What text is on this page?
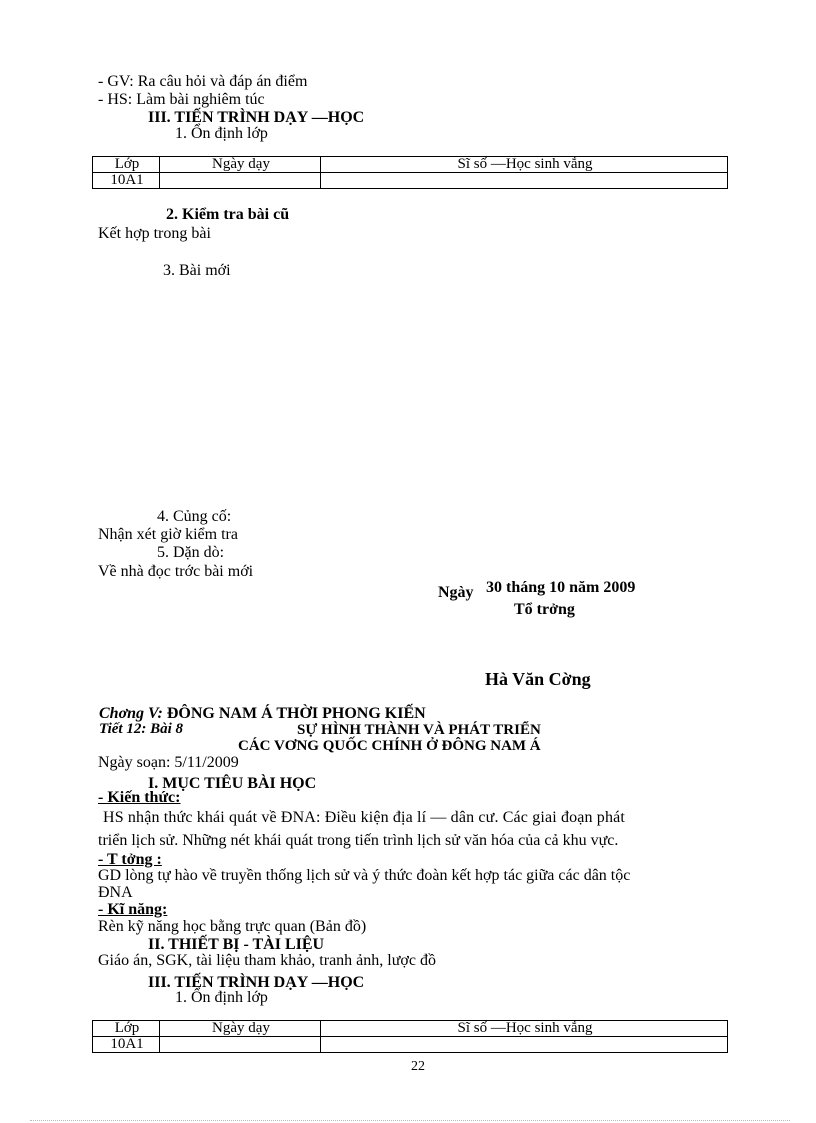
- GV: Ra câu hỏi và đáp án điểm
- HS: Làm bài nghiêm túc
III. TIẾN TRÌNH DẠY —HỌC
1. Ổn định lớp
Lớp	Ngày dạy	Sĩ số —Học sinh vắng
10A1		
2. Kiểm tra bài cũ
Kết hợp trong bài
3. Bài mới
4. Củng cố:
Nhận xét giờ kiểm tra
5. Dặn dò:
Về nhà đọc trớc bài mới
Ngày 30 tháng 10 năm 2009
Tổ trởng
Hà Văn Cờng
Chơng V: ĐÔNG NAM Á THỜI PHONG KIẾN
Tiết 12: Bài 8	SỰ HÌNH THÀNH VÀ PHÁT TRIỂN
CÁC VƠNG QUỐC CHÍNH Ở ĐÔNG NAM Á
Ngày soạn: 5/11/2009
I. MỤC TIÊU BÀI HỌC
- Kiến thức:
HS nhận thức khái quát về ĐNA: Điều kiện địa lí — dân cư. Các giai đoạn phát
triển lịch sử. Những nét khái quát trong tiến trình lịch sử văn hóa của cả khu vực.
- T tởng :
GD lòng tự hào về truyền thống lịch sử và ý thức đoàn kết hợp tác giữa các dân tộc
ĐNA
- Kĩ năng:
Rèn kỹ năng học bằng trực quan (Bản đồ)
II. THIẾT BỊ - TÀI LIỆU
Giáo án, SGK, tài liệu tham khảo, tranh ảnh, lược đồ
III. TIẾN TRÌNH DẠY —HỌC
1. Ổn định lớp
Lớp	Ngày dạy	Sĩ số —Học sinh vắng
10A1		
22
